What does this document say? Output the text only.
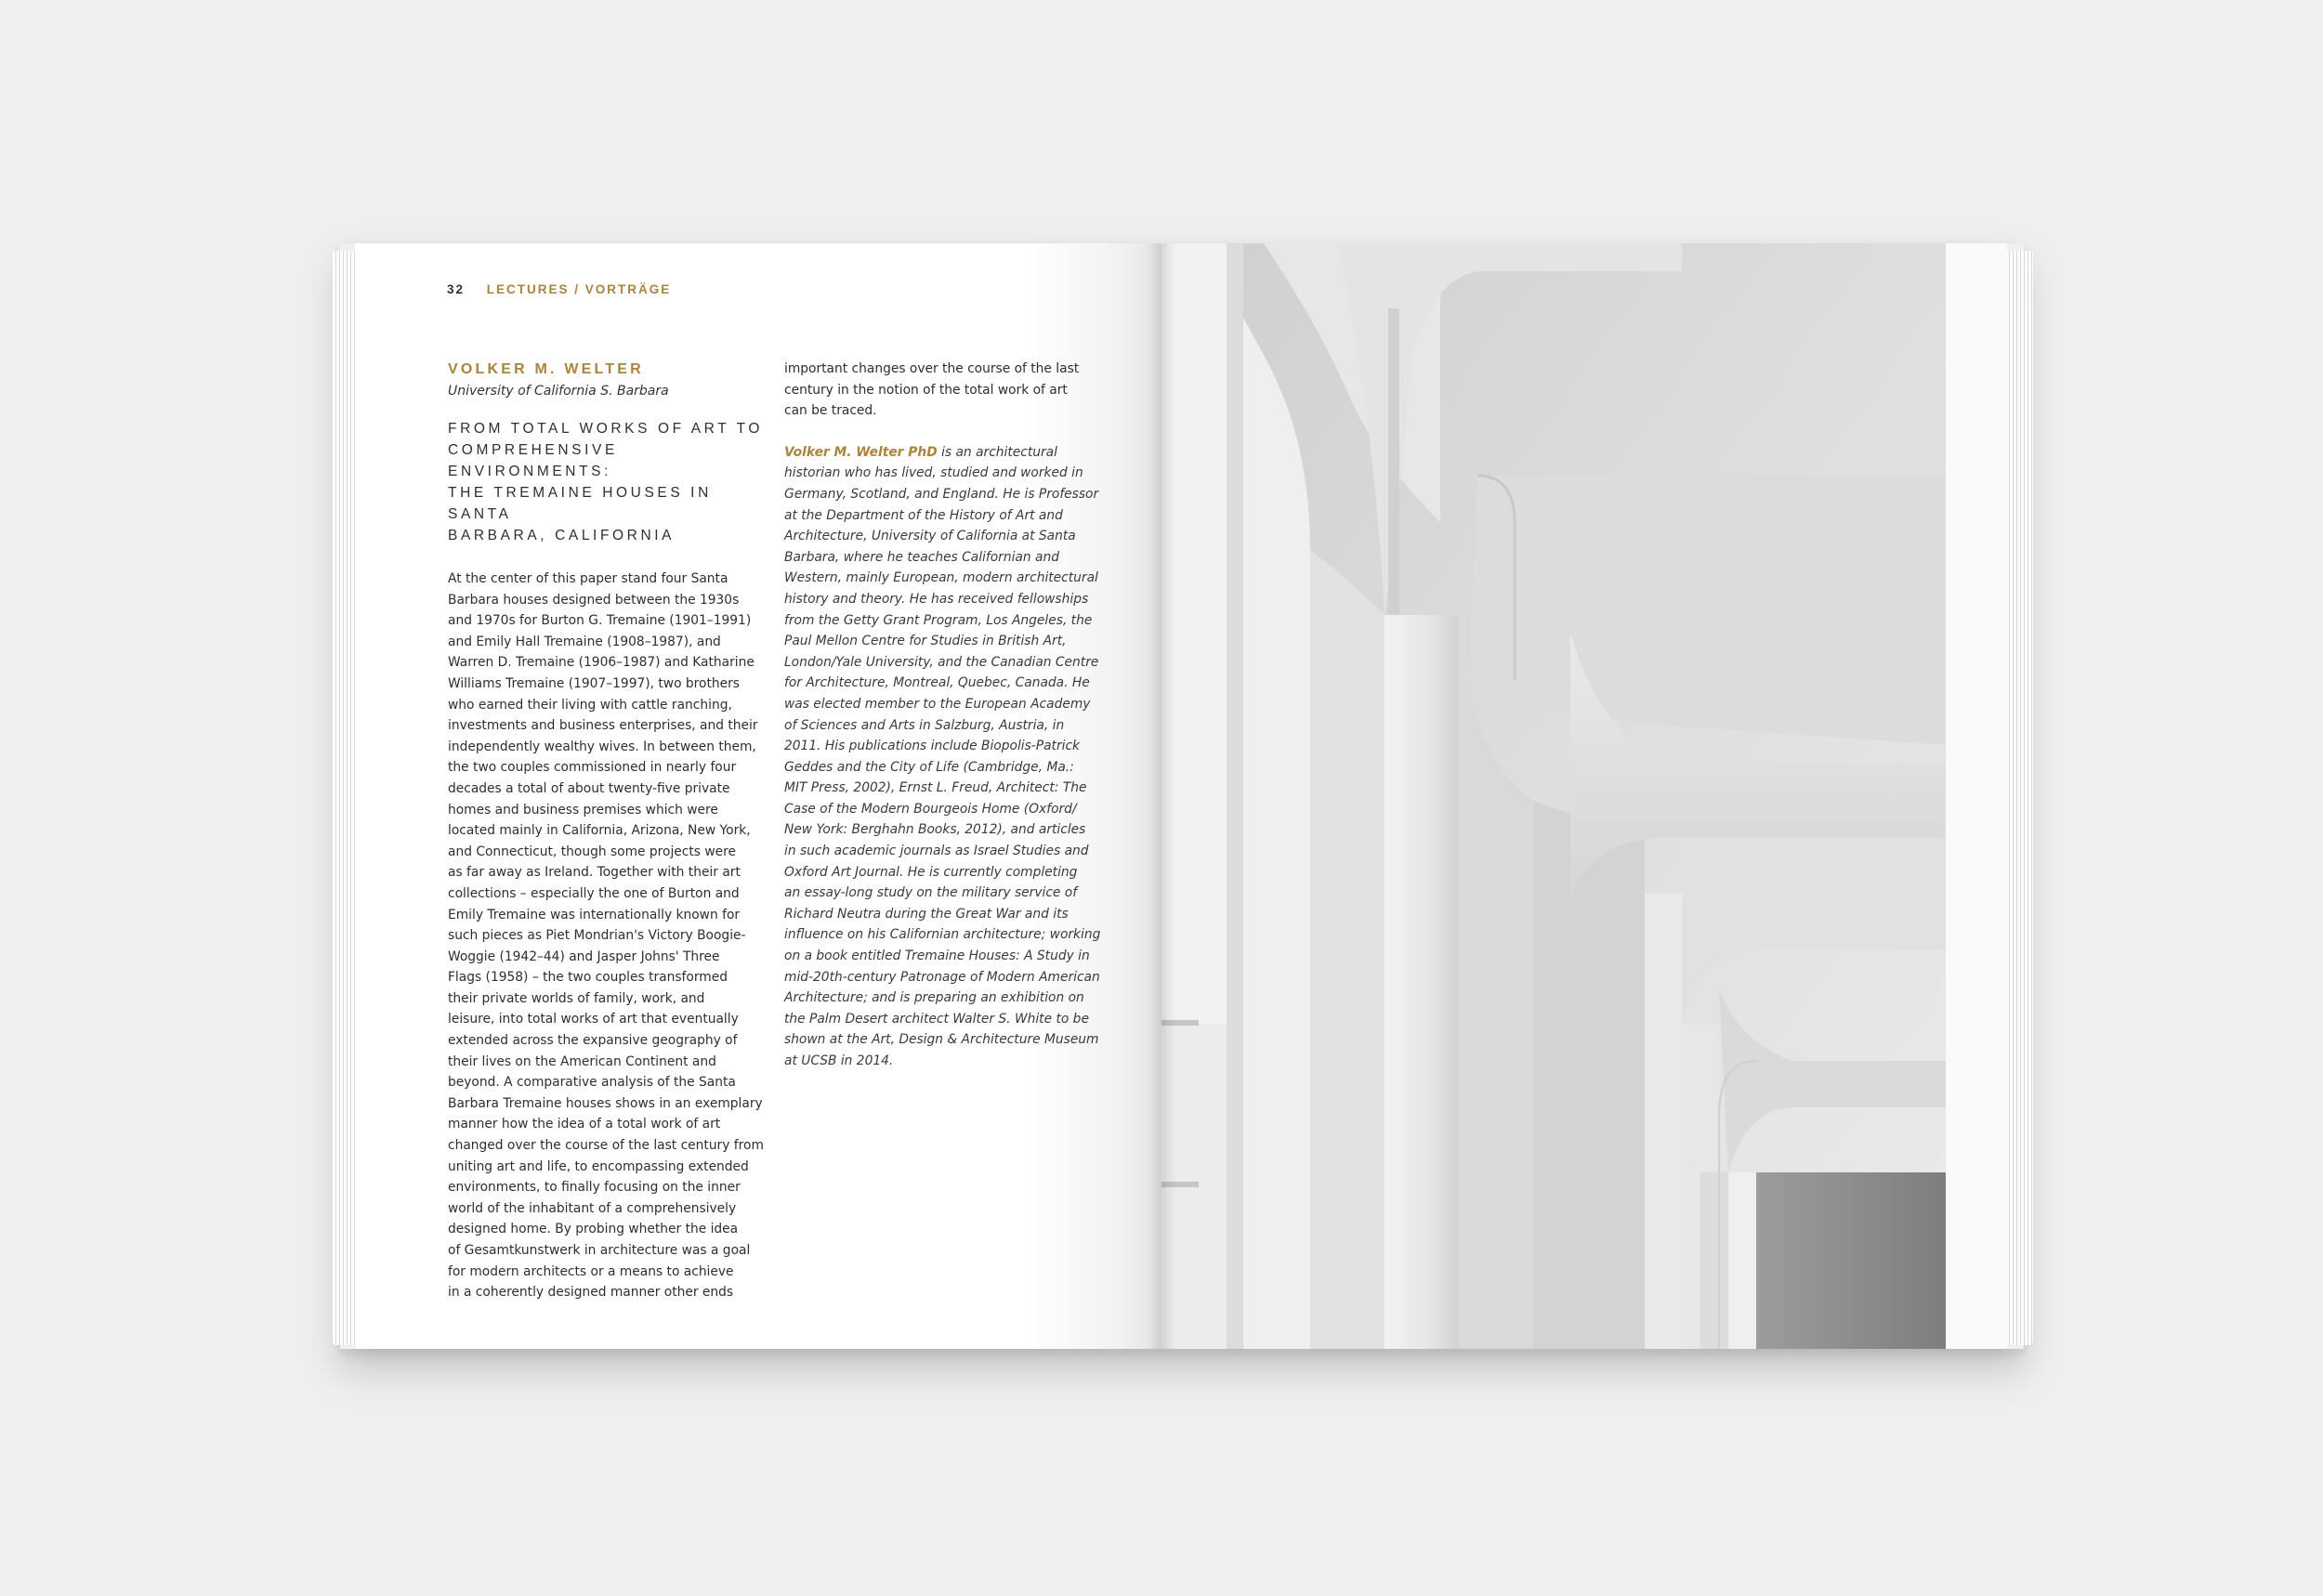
32 LECTURES / VORTRÄGE
VOLKER M. WELTER
University of California S. Barbara
FROM TOTAL WORKS OF ART TO
COMPREHENSIVE ENVIRONMENTS:
THE TREMAINE HOUSES IN SANTA
BARBARA, CALIFORNIA
At the center of this paper stand four Santa
Barbara houses designed between the 1930s
and 1970s for Burton G. Tremaine (1901–1991)
and Emily Hall Tremaine (1908–1987), and
Warren D. Tremaine (1906–1987) and Katharine
Williams Tremaine (1907–1997), two brothers
who earned their living with cattle ranching,
investments and business enterprises, and their
independently wealthy wives. In between them,
the two couples commissioned in nearly four
decades a total of about twenty-five private
homes and business premises which were
located mainly in California, Arizona, New York,
and Connecticut, though some projects were
as far away as Ireland. Together with their art
collections – especially the one of Burton and
Emily Tremaine was internationally known for
such pieces as Piet Mondrian's Victory Boogie-
Woggie (1942–44) and Jasper Johns' Three
Flags (1958) – the two couples transformed
their private worlds of family, work, and
leisure, into total works of art that eventually
extended across the expansive geography of
their lives on the American Continent and
beyond. A comparative analysis of the Santa
Barbara Tremaine houses shows in an exemplary
manner how the idea of a total work of art
changed over the course of the last century from
uniting art and life, to encompassing extended
environments, to finally focusing on the inner
world of the inhabitant of a comprehensively
designed home. By probing whether the idea
of Gesamtkunstwerk in architecture was a goal
for modern architects or a means to achieve
in a coherently designed manner other ends
important changes over the course of the last
century in the notion of the total work of art
can be traced.
Volker M. Welter PhD is an architectural
historian who has lived, studied and worked in
Germany, Scotland, and England. He is Professor
at the Department of the History of Art and
Architecture, University of California at Santa
Barbara, where he teaches Californian and
Western, mainly European, modern architectural
history and theory. He has received fellowships
from the Getty Grant Program, Los Angeles, the
Paul Mellon Centre for Studies in British Art,
London/Yale University, and the Canadian Centre
for Architecture, Montreal, Quebec, Canada. He
was elected member to the European Academy
of Sciences and Arts in Salzburg, Austria, in
2011. His publications include Biopolis-Patrick
Geddes and the City of Life (Cambridge, Ma.:
MIT Press, 2002), Ernst L. Freud, Architect: The
Case of the Modern Bourgeois Home (Oxford/
New York: Berghahn Books, 2012), and articles
in such academic journals as Israel Studies and
Oxford Art Journal. He is currently completing
an essay-long study on the military service of
Richard Neutra during the Great War and its
influence on his Californian architecture; working
on a book entitled Tremaine Houses: A Study in
mid-20th-century Patronage of Modern American
Architecture; and is preparing an exhibition on
the Palm Desert architect Walter S. White to be
shown at the Art, Design & Architecture Museum
at UCSB in 2014.
